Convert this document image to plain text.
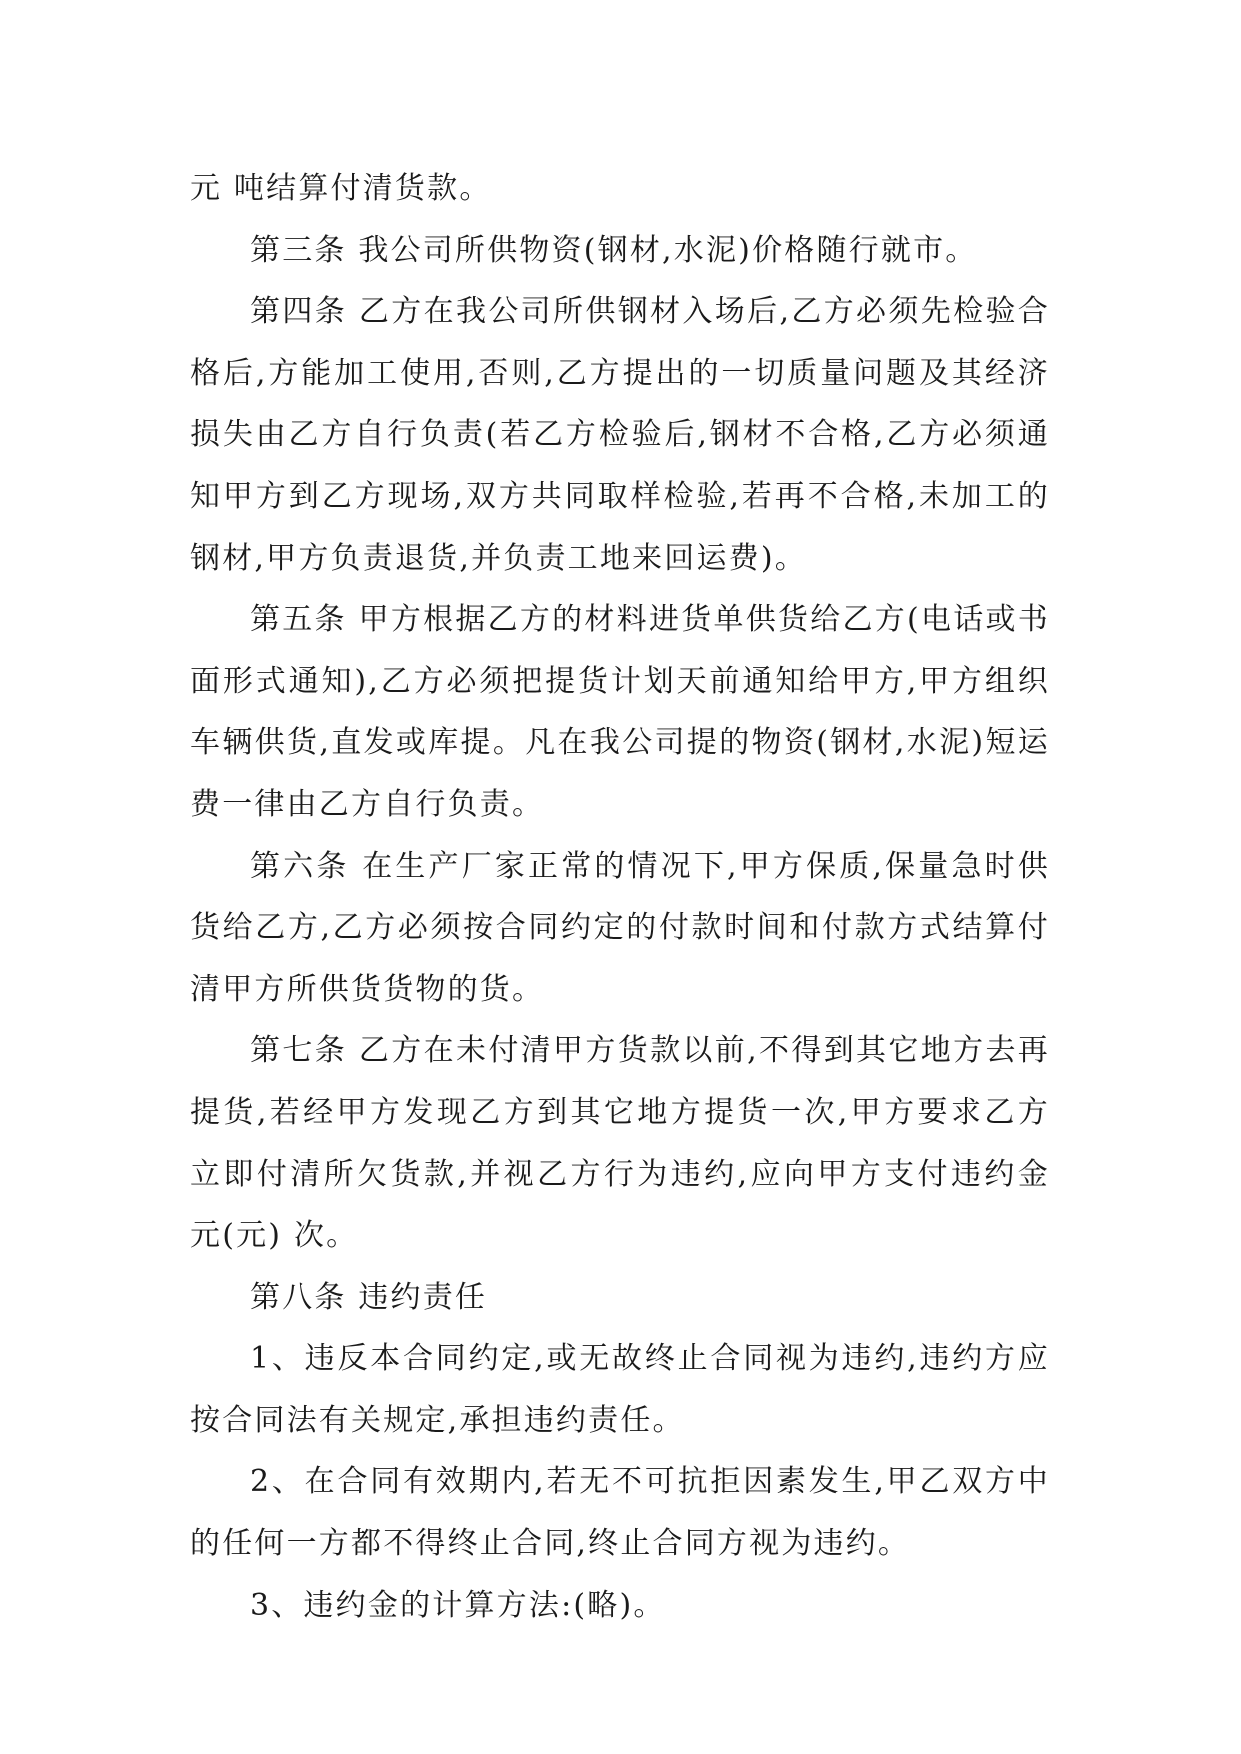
元 吨结算付清货款。

第三条 我公司所供物资(钢材,水泥)价格随行就市。

第四条 乙方在我公司所供钢材入场后,乙方必须先检验合格后,方能加工使用,否则,乙方提出的一切质量问题及其经济损失由乙方自行负责(若乙方检验后,钢材不合格,乙方必须通知甲方到乙方现场,双方共同取样检验,若再不合格,未加工的钢材,甲方负责退货,并负责工地来回运费)。

第五条 甲方根据乙方的材料进货单供货给乙方(电话或书面形式通知),乙方必须把提货计划天前通知给甲方,甲方组织车辆供货,直发或库提。凡在我公司提的物资(钢材,水泥)短运费一律由乙方自行负责。

第六条 在生产厂家正常的情况下,甲方保质,保量急时供货给乙方,乙方必须按合同约定的付款时间和付款方式结算付清甲方所供货货物的货。

第七条 乙方在未付清甲方货款以前,不得到其它地方去再提货,若经甲方发现乙方到其它地方提货一次,甲方要求乙方立即付清所欠货款,并视乙方行为违约,应向甲方支付违约金元(元) 次。

第八条 违约责任

1、违反本合同约定,或无故终止合同视为违约,违约方应按合同法有关规定,承担违约责任。

2、在合同有效期内,若无不可抗拒因素发生,甲乙双方中的任何一方都不得终止合同,终止合同方视为违约。

3、违约金的计算方法:(略)。
